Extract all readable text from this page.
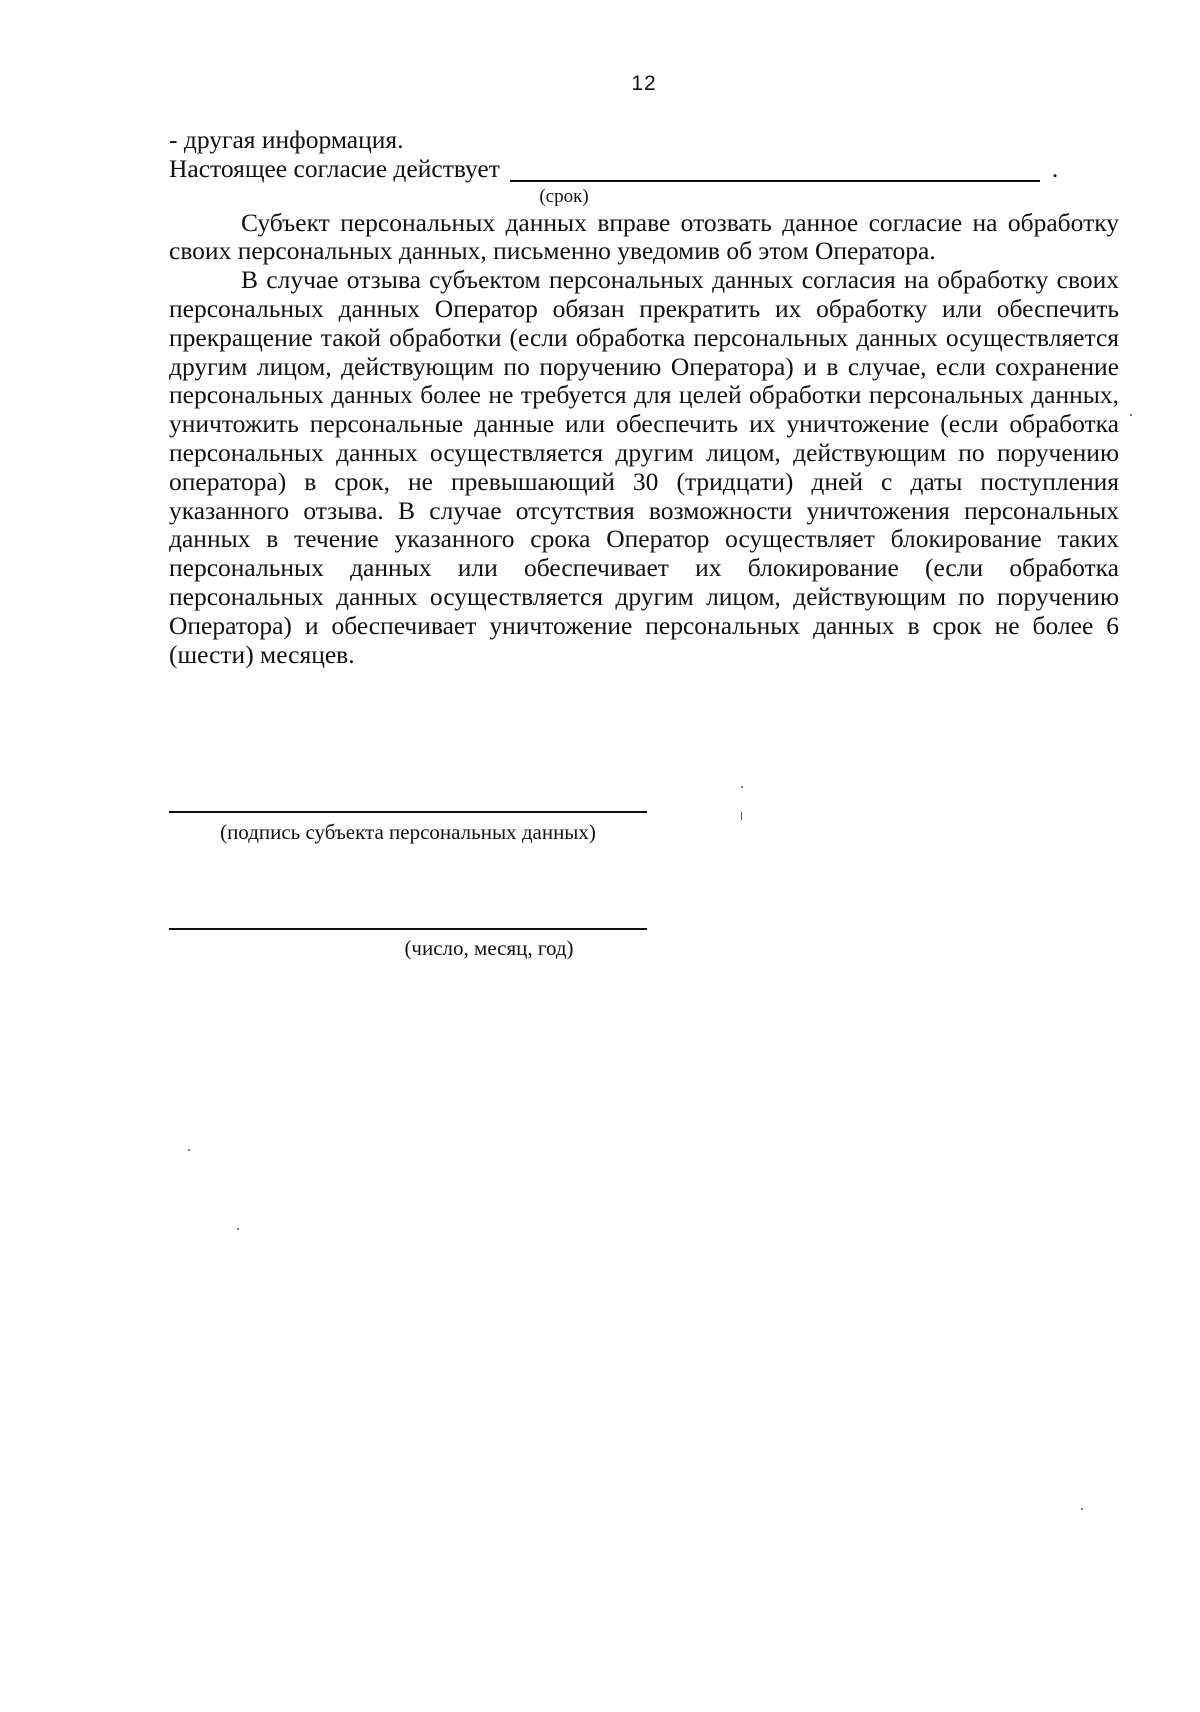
12
- другая информация.
Настоящее согласие действует	.
(срок)

Субъект персональных данных вправе отозвать данное согласие на обработку своих персональных данных, письменно уведомив об этом Оператора.

В случае отзыва субъектом персональных данных согласия на обработку своих персональных данных Оператор обязан прекратить их обработку или обеспечить прекращение такой обработки (если обработка персональных данных осуществляется другим лицом, действующим по поручению Оператора) и в случае, если сохранение персональных данных более не требуется для целей обработки персональных данных, уничтожить персональные данные или обеспечить их уничтожение (если обработка персональных данных осуществляется другим лицом, действующим по поручению оператора) в срок, не превышающий 30 (тридцати) дней с даты поступления указанного отзыва. В случае отсутствия возможности уничтожения персональных данных в течение указанного срока Оператор осуществляет блокирование таких персональных данных или обеспечивает их блокирование (если обработка персональных данных осуществляется другим лицом, действующим по поручению Оператора) и обеспечивает уничтожение персональных данных в срок не более 6 (шести) месяцев.

(подпись субъекта персональных данных)
(число, месяц, год)
